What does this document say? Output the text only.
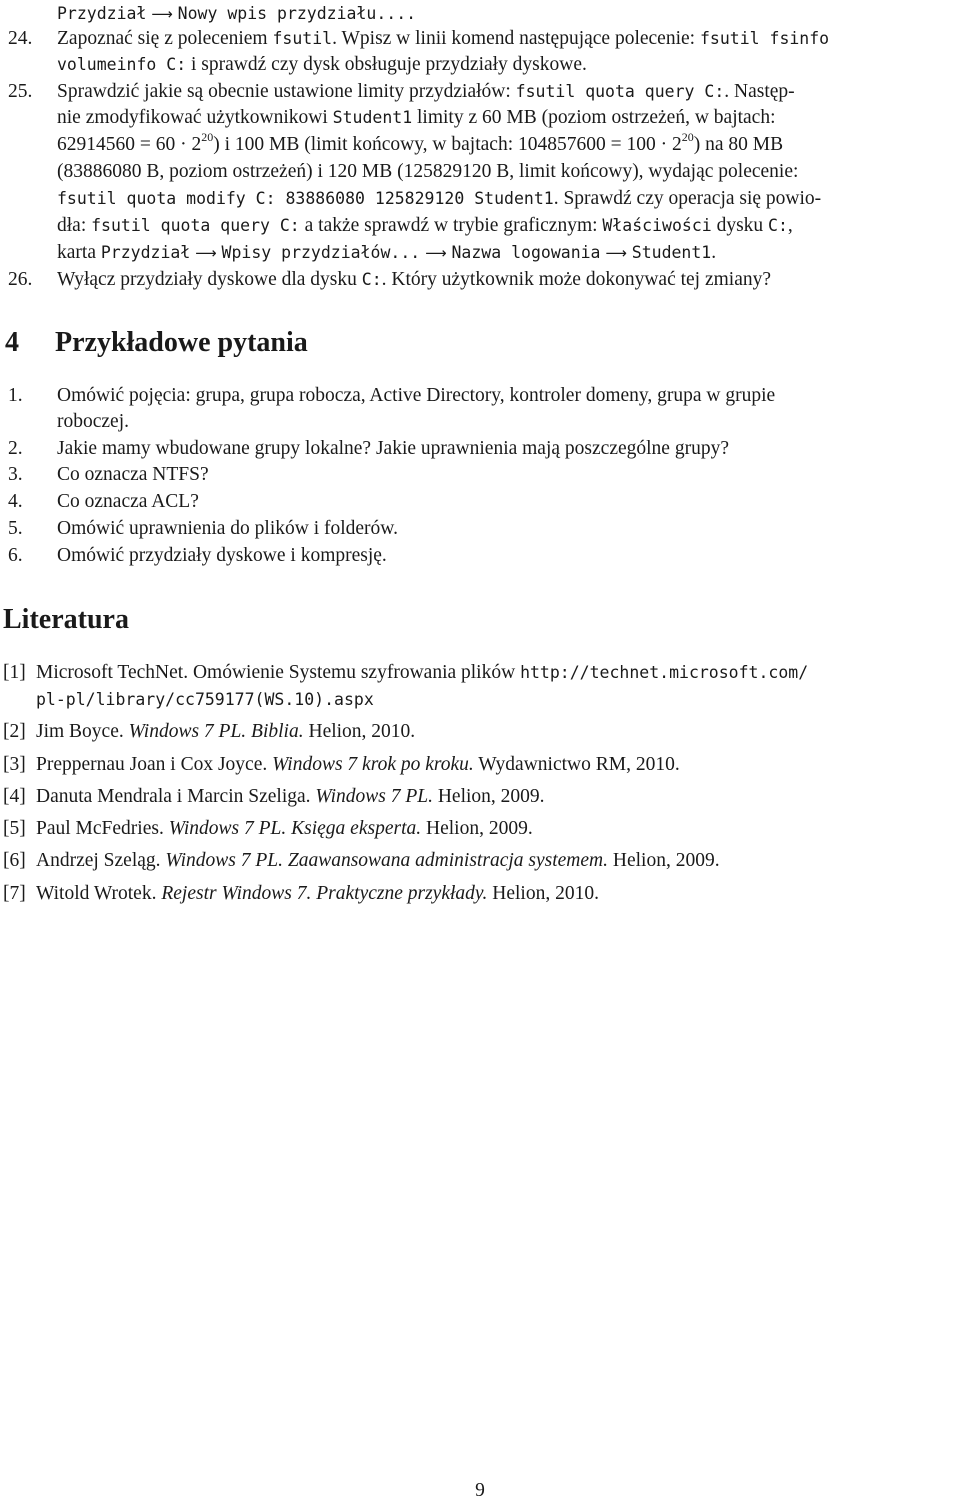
Przydział ⟶ Nowy wpis przydziału....
24. Zapoznać się z poleceniem fsutil. Wpisz w linii komend następujące polecenie: fsutil fsinfo
volumeinfo C: i sprawdź czy dysk obsługuje przydziały dyskowe.
25. Sprawdzić jakie są obecnie ustawione limity przydziałów: fsutil quota query C:. Następ-
nie zmodyfikować użytkownikowi Student1 limity z 60 MB (poziom ostrzeżeń, w bajtach:
$62914560 = 60 \cdot 2^{20}$) i 100 MB (limit końcowy, w bajtach: $104857600 = 100 \cdot 2^{20}$) na 80 MB
(83886080 B, poziom ostrzeżeń) i 120 MB (125829120 B, limit końcowy), wydając polecenie:
fsutil quota modify C: 83886080 125829120 Student1. Sprawdź czy operacja się powio-
dła: fsutil quota query C: a także sprawdź w trybie graficznym: Właściwości dysku C:,
karta Przydział ⟶ Wpisy przydziałów... ⟶ Nazwa logowania ⟶ Student1.
26. Wyłącz przydziały dyskowe dla dysku C:. Który użytkownik może dokonywać tej zmiany?
4 Przykładowe pytania
1. Omówić pojęcia: grupa, grupa robocza, Active Directory, kontroler domeny, grupa w grupie
roboczej.
2. Jakie mamy wbudowane grupy lokalne? Jakie uprawnienia mają poszczególne grupy?
3. Co oznacza NTFS?
4. Co oznacza ACL?
5. Omówić uprawnienia do plików i folderów.
6. Omówić przydziały dyskowe i kompresję.
Literatura
[1] Microsoft TechNet. Omówienie Systemu szyfrowania plików http://technet.microsoft.com/
pl-pl/library/cc759177(WS.10).aspx
[2] Jim Boyce. Windows 7 PL. Biblia. Helion, 2010.
[3] Preppernau Joan i Cox Joyce. Windows 7 krok po kroku. Wydawnictwo RM, 2010.
[4] Danuta Mendrala i Marcin Szeliga. Windows 7 PL. Helion, 2009.
[5] Paul McFedries. Windows 7 PL. Księga eksperta. Helion, 2009.
[6] Andrzej Szeląg. Windows 7 PL. Zaawansowana administracja systemem. Helion, 2009.
[7] Witold Wrotek. Rejestr Windows 7. Praktyczne przykłady. Helion, 2010.
9
